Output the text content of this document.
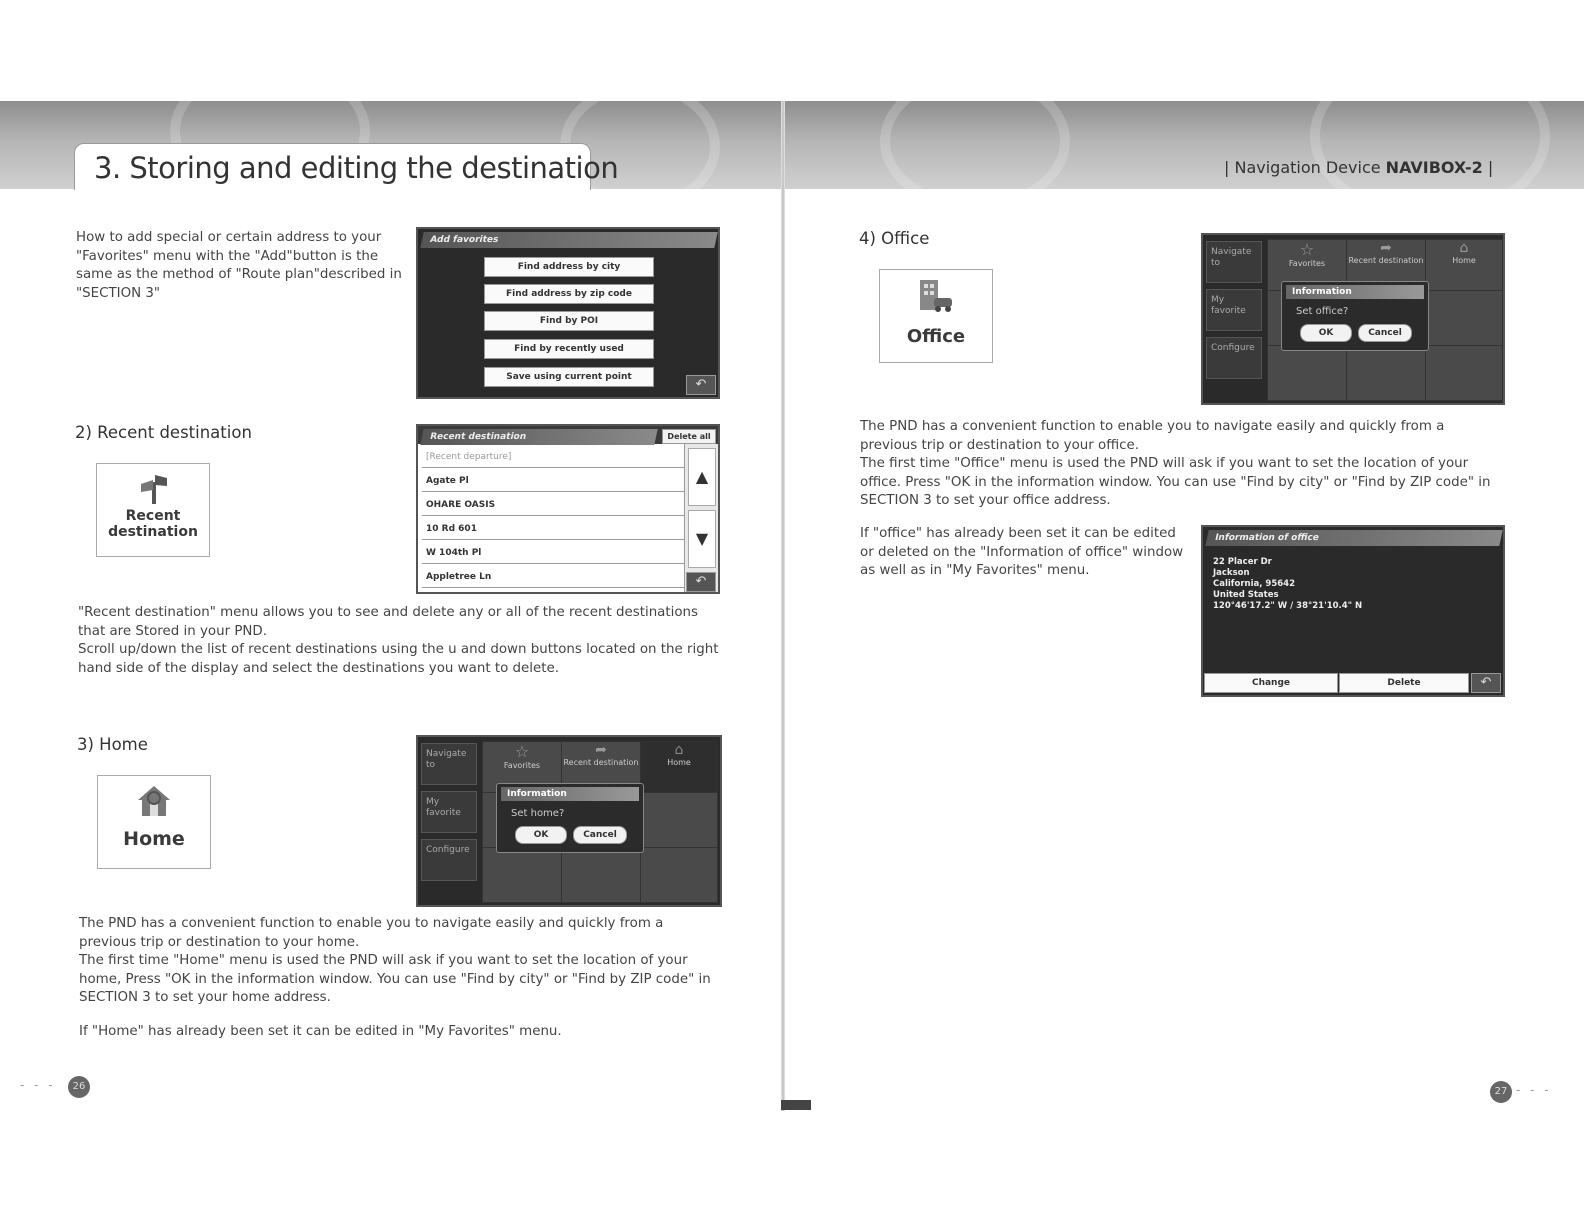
3. Storing and editing the destination	| Navigation Device NAVIBOX-2 |
How to add special or certain address to your
"Favorites" menu with the "Add"button is the
same as the method of "Route plan"described in
"SECTION 3"
Add favorites
Find address by city
Find address by zip code
Find by POI
Find by recently used
Save using current point	↶
2) Recent destination
Recent
destination
Recent destination	Delete all
[Recent departure]
Agate Pl
OHARE OASIS
10 Rd 601
W 104th Pl
Appletree Ln
▲
▼
↶
"Recent destination" menu allows you to see and delete any or all of the recent destinations
that are Stored in your PND.
Scroll up/down the list of recent destinations using the u and down buttons located on the right
hand side of the display and select the destinations you want to delete.
3) Home
Home
Navigate to
My favorite
Configure
☆
Favorites
➦
Recent destination
⌂
Home
Information
Set home?
OK	Cancel
The PND has a convenient function to enable you to navigate easily and quickly from a
previous trip or destination to your home.
The first time "Home" menu is used the PND will ask if you want to set the location of your
home, Press "OK in the information window. You can use "Find by city" or "Find by ZIP code" in
SECTION 3 to set your home address.
If "Home" has already been set it can be edited in "My Favorites" menu.
- - -	26
4) Office
Office
Navigate to
My favorite
Configure
☆
Favorites
➦
Recent destination
⌂
Home
Information
Set office?
OK	Cancel
The PND has a convenient function to enable you to navigate easily and quickly from a
previous trip or destination to your office.
The first time "Office" menu is used the PND will ask if you want to set the location of your
office. Press "OK in the information window. You can use "Find by city" or "Find by ZIP code" in
SECTION 3 to set your office address.
If "office" has already been set it can be edited
or deleted on the "Information of office" window
as well as in "My Favorites" menu.
Information of office
22 Placer Dr
Jackson
California, 95642
United States
120°46'17.2" W / 38°21'10.4" N
Change	Delete	↶
27 - - -
